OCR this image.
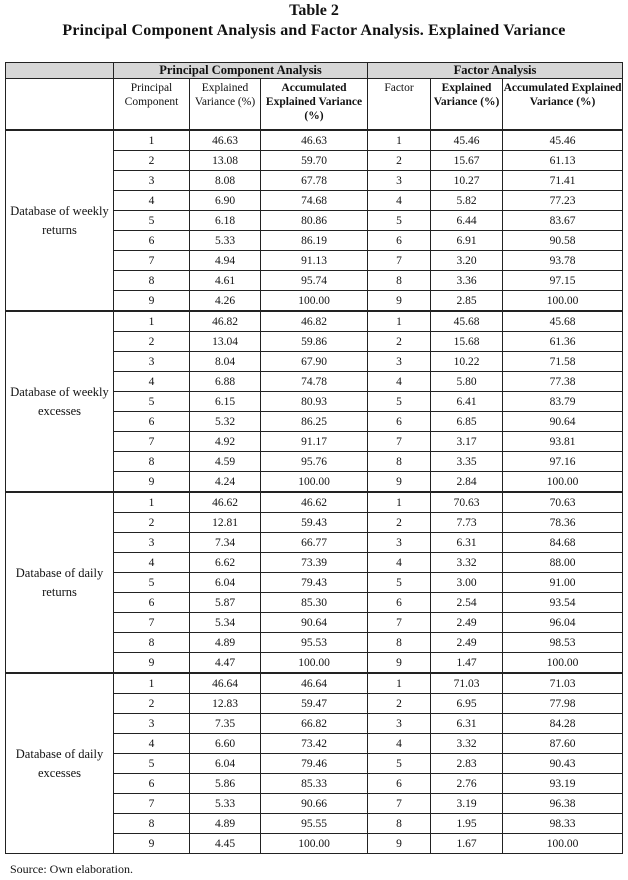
Table 2
Principal Component Analysis and Factor Analysis. Explained Variance
	Principal Component Analysis			Factor Analysis		
	Principal Component	Explained Variance (%)	Accumulated Explained Variance (%)	Factor	Explained Variance (%)	Accumulated Explained Variance (%)
Database of weekly returns	1	46.63	46.63	1	45.46	45.46
	2	13.08	59.70	2	15.67	61.13
	3	8.08	67.78	3	10.27	71.41
	4	6.90	74.68	4	5.82	77.23
	5	6.18	80.86	5	6.44	83.67
	6	5.33	86.19	6	6.91	90.58
	7	4.94	91.13	7	3.20	93.78
	8	4.61	95.74	8	3.36	97.15
	9	4.26	100.00	9	2.85	100.00
Database of weekly excesses	1	46.82	46.82	1	45.68	45.68
	2	13.04	59.86	2	15.68	61.36
	3	8.04	67.90	3	10.22	71.58
	4	6.88	74.78	4	5.80	77.38
	5	6.15	80.93	5	6.41	83.79
	6	5.32	86.25	6	6.85	90.64
	7	4.92	91.17	7	3.17	93.81
	8	4.59	95.76	8	3.35	97.16
	9	4.24	100.00	9	2.84	100.00
Database of daily returns	1	46.62	46.62	1	70.63	70.63
	2	12.81	59.43	2	7.73	78.36
	3	7.34	66.77	3	6.31	84.68
	4	6.62	73.39	4	3.32	88.00
	5	6.04	79.43	5	3.00	91.00
	6	5.87	85.30	6	2.54	93.54
	7	5.34	90.64	7	2.49	96.04
	8	4.89	95.53	8	2.49	98.53
	9	4.47	100.00	9	1.47	100.00
Database of daily excesses	1	46.64	46.64	1	71.03	71.03
	2	12.83	59.47	2	6.95	77.98
	3	7.35	66.82	3	6.31	84.28
	4	6.60	73.42	4	3.32	87.60
	5	6.04	79.46	5	2.83	90.43
	6	5.86	85.33	6	2.76	93.19
	7	5.33	90.66	7	3.19	96.38
	8	4.89	95.55	8	1.95	98.33
	9	4.45	100.00	9	1.67	100.00
Source: Own elaboration.
